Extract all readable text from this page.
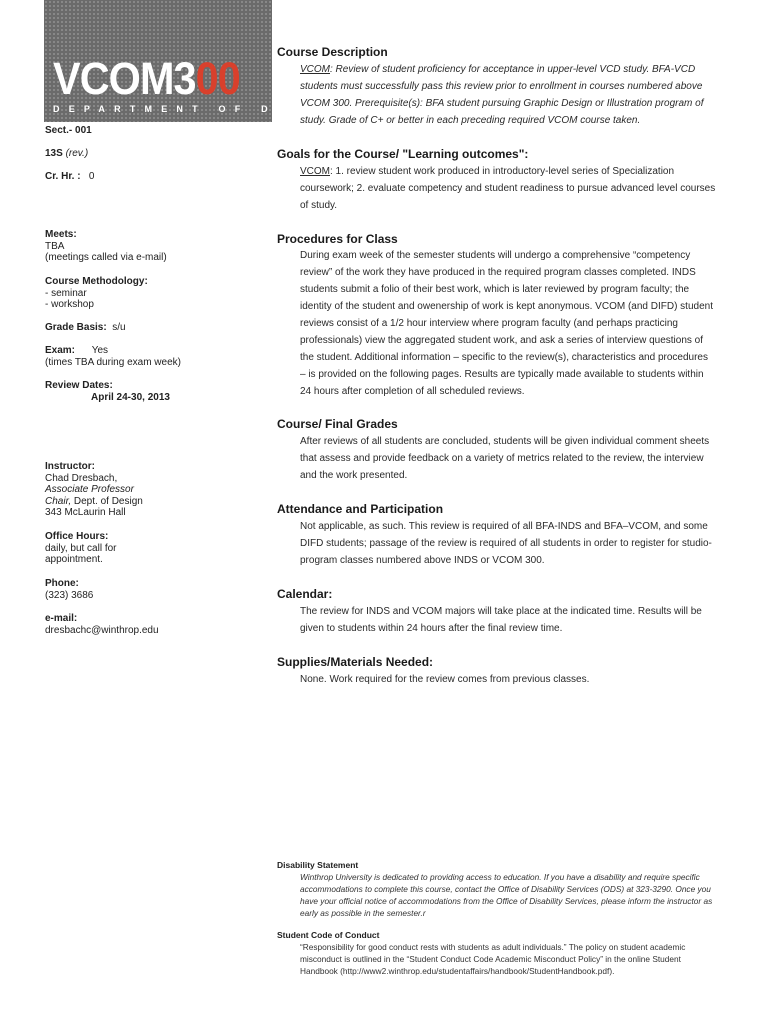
VCOM300
DEPARTMENT OF DESIGN
Sect.- 001
13S (rev.)
Cr. Hr. : 0
Meets:
TBA
(meetings called via e-mail)
Course Methodology:
- seminar
- workshop
Grade Basis: s/u
Exam: Yes
(times TBA during exam week)
Review Dates:
April 24-30, 2013
Instructor:
Chad Dresbach,
Associate Professor
Chair, Dept. of Design
343 McLaurin Hall
Office Hours:
daily, but call for
appointment.
Phone:
(323) 3686
e-mail:
dresbachc@winthrop.edu
Course Description
VCOM: Review of student proficiency for acceptance in upper-level VCD study. BFA-VCD
students must successfully pass this review prior to enrollment in courses numbered above
VCOM 300. Prerequisite(s): BFA student pursuing Graphic Design or Illustration program of
study. Grade of C+ or better in each preceding required VCOM course taken.
Goals for the Course/ "Learning outcomes":
VCOM: 1. review student work produced in introductory-level series of Specialization
coursework; 2. evaluate competency and student readiness to pursue advanced level courses
of study.
Procedures for Class
During exam week of the semester students will undergo a comprehensive “competency
review” of the work they have produced in the required program classes completed. INDS
students submit a folio of their best work, which is later reviewed by program faculty; the
identity of the student and owenership of work is kept anonymous. VCOM (and DIFD) student
reviews consist of a 1/2 hour interview where program faculty (and perhaps practicing
professionals) view the aggregated student work, and ask a series of interview questions of
the student. Additional information – specific to the review(s), characteristics and procedures
– is provided on the following pages. Results are typically made available to students within
24 hours after completion of all scheduled reviews.
Course/ Final Grades
After reviews of all students are concluded, students will be given individual comment sheets
that assess and provide feedback on a variety of metrics related to the review, the interview
and the work presented.
Attendance and Participation
Not applicable, as such. This review is required of all BFA-INDS and BFA–VCOM, and some
DIFD students; passage of the review is required of all students in order to register for studio-
program classes numbered above INDS or VCOM 300.
Calendar:
The review for INDS and VCOM majors will take place at the indicated time. Results will be
given to students within 24 hours after the final review time.
Supplies/Materials Needed:
None. Work required for the review comes from previous classes.
Disability Statement
Winthrop University is dedicated to providing access to education. If you have a disability and require specific
accommodations to complete this course, contact the Office of Disability Services (ODS) at 323-3290. Once you
have your official notice of accommodations from the Office of Disability Services, please inform the instructor as
early as possible in the semester.r
Student Code of Conduct
“Responsibility for good conduct rests with students as adult individuals.” The policy on student academic
misconduct is outlined in the “Student Conduct Code Academic Misconduct Policy” in the online Student
Handbook (http://www2.winthrop.edu/studentaffairs/handbook/StudentHandbook.pdf).
